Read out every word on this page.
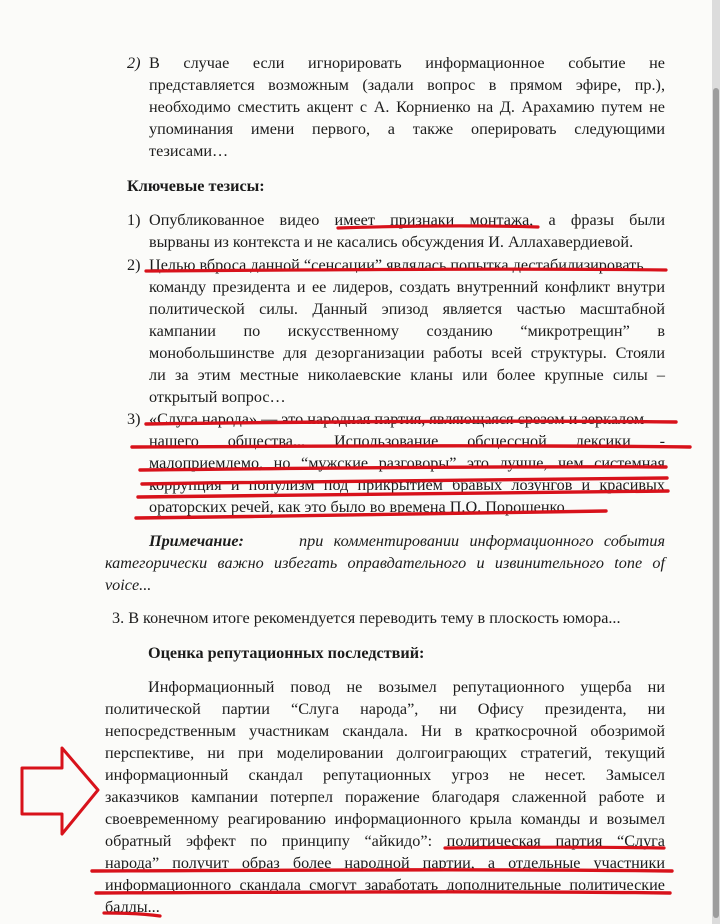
2) В случае если игнорировать информационное событие не
представляется возможным (задали вопрос в прямом эфире, пр.),
необходимо сместить акцент с А. Корниенко на Д. Арахамию путем не
упоминания имени первого, а также оперировать следующими
тезисами…
Ключевые тезисы:
1) Опубликованное видео имеет признаки монтажа, а фразы были
вырваны из контекста и не касались обсуждения И. Аллахавердиевой.
2) Целью вброса данной “сенсации” являлась попытка дестабилизировать
команду президента и ее лидеров, создать внутренний конфликт внутри
политической силы. Данный эпизод является частью масштабной
кампании по искусственному созданию “микротрещин” в
монобольшинстве для дезорганизации работы всей структуры. Стояли
ли за этим местные николаевские кланы или более крупные силы –
открытый вопрос…
3) «Слуга народа» — это народная партия, являющаяся срезом и зеркалом
нашего общества... Использование обсцессной лексики -
малоприемлемо, но “мужские разговоры” это лучше, чем системная
коррупция и популизм под прикрытием бравых лозунгов и красивых
ораторских речей, как это было во времена П.О. Порошенко...
Примечание:	при комментировании информационного события
категорически важно избегать оправдательного и извинительного tone of
voice...
3. В конечном итоге рекомендуется переводить тему в плоскость юмора...
Оценка репутационных последствий:
Информационный повод не возымел репутационного ущерба ни
политической партии “Слуга народа”, ни Офису президента, ни
непосредственным участникам скандала. Ни в краткосрочной обозримой
перспективе, ни при моделировании долгоиграющих стратегий, текущий
информационный скандал репутационных угроз не несет. Замысел
заказчиков кампании потерпел поражение благодаря слаженной работе и
своевременному реагированию информационного крыла команды и возымел
обратный эффект по принципу “айкидо”: политическая партия “Слуга
народа” получит образ более народной партии, а отдельные участники
информационного скандала смогут заработать дополнительные политические
баллы...
